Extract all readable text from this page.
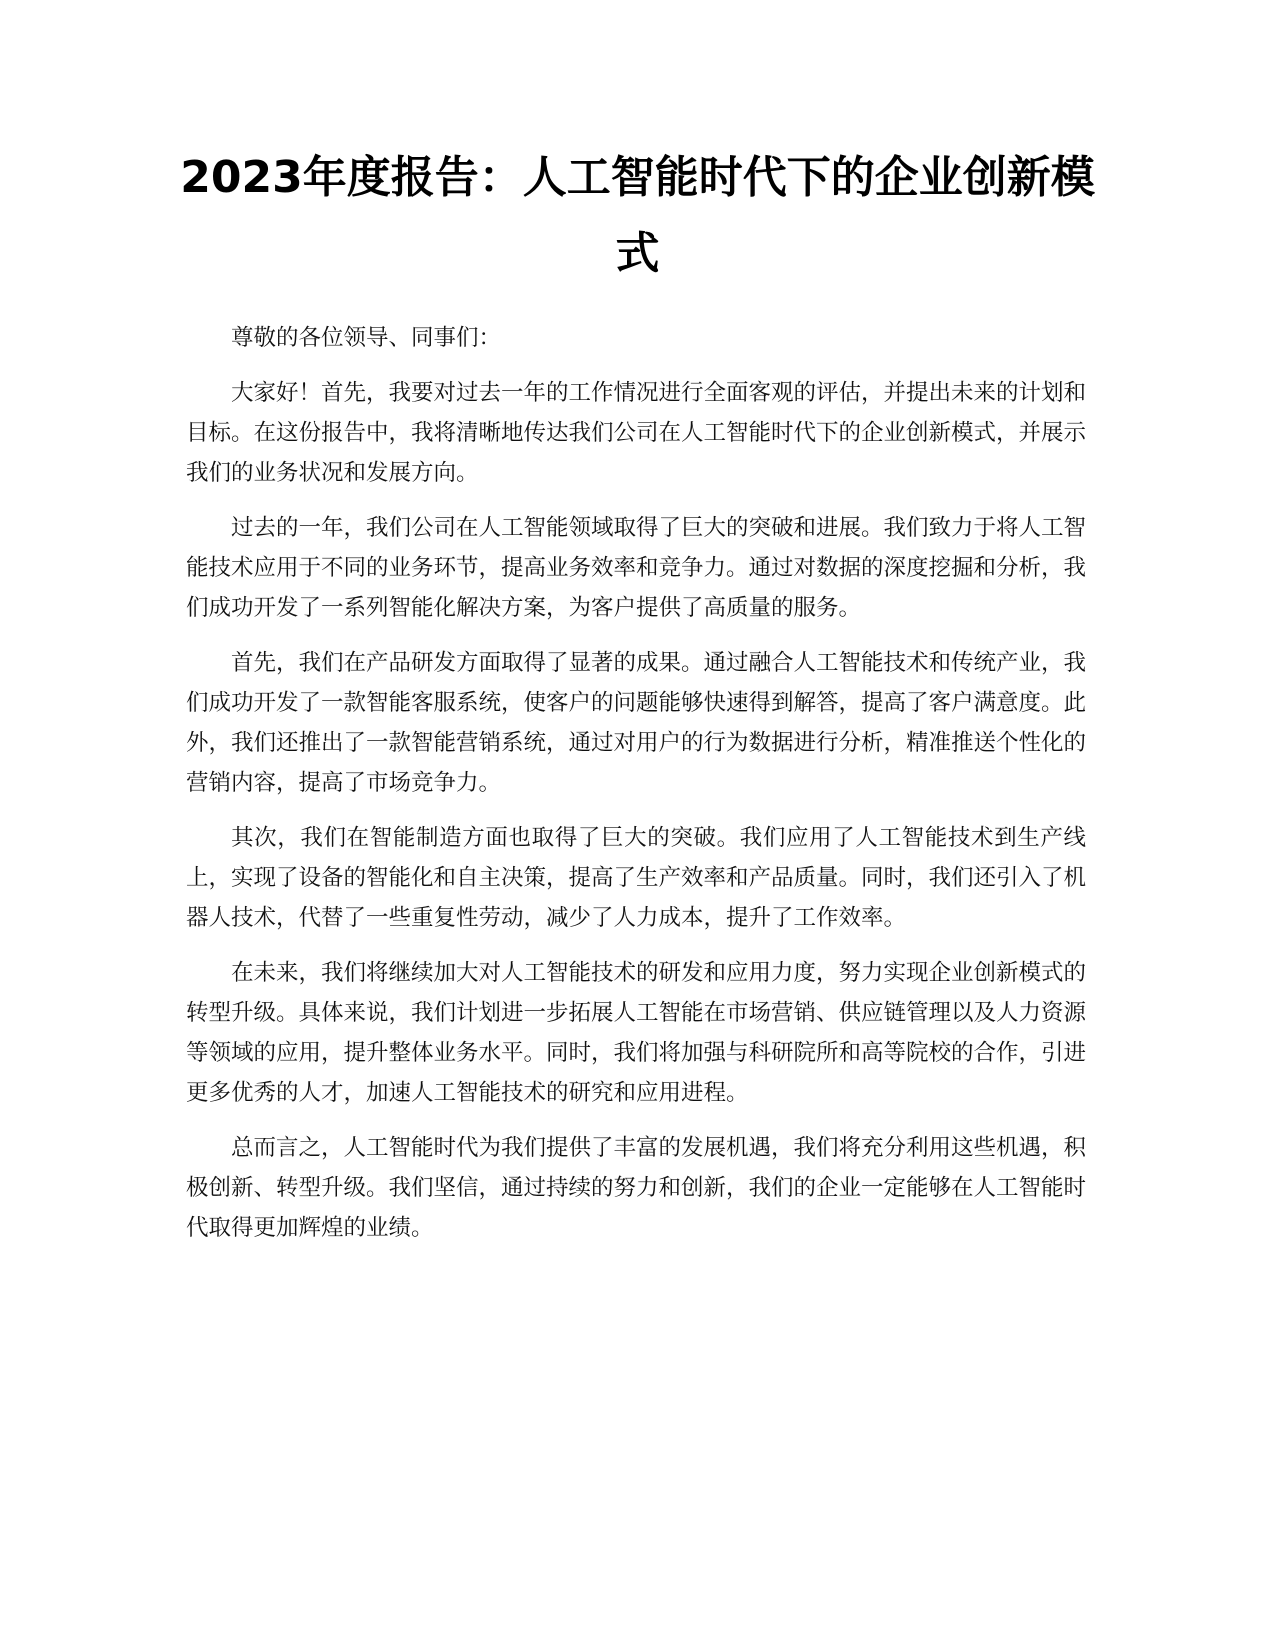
2023年度报告：人工智能时代下的企业创新模式

尊敬的各位领导、同事们：

大家好！首先，我要对过去一年的工作情况进行全面客观的评估，并提出未来的计划和目标。在这份报告中，我将清晰地传达我们公司在人工智能时代下的企业创新模式，并展示我们的业务状况和发展方向。

过去的一年，我们公司在人工智能领域取得了巨大的突破和进展。我们致力于将人工智能技术应用于不同的业务环节，提高业务效率和竞争力。通过对数据的深度挖掘和分析，我们成功开发了一系列智能化解决方案，为客户提供了高质量的服务。

首先，我们在产品研发方面取得了显著的成果。通过融合人工智能技术和传统产业，我们成功开发了一款智能客服系统，使客户的问题能够快速得到解答，提高了客户满意度。此外，我们还推出了一款智能营销系统，通过对用户的行为数据进行分析，精准推送个性化的营销内容，提高了市场竞争力。

其次，我们在智能制造方面也取得了巨大的突破。我们应用了人工智能技术到生产线上，实现了设备的智能化和自主决策，提高了生产效率和产品质量。同时，我们还引入了机器人技术，代替了一些重复性劳动，减少了人力成本，提升了工作效率。

在未来，我们将继续加大对人工智能技术的研发和应用力度，努力实现企业创新模式的转型升级。具体来说，我们计划进一步拓展人工智能在市场营销、供应链管理以及人力资源等领域的应用，提升整体业务水平。同时，我们将加强与科研院所和高等院校的合作，引进更多优秀的人才，加速人工智能技术的研究和应用进程。

总而言之，人工智能时代为我们提供了丰富的发展机遇，我们将充分利用这些机遇，积极创新、转型升级。我们坚信，通过持续的努力和创新，我们的企业一定能够在人工智能时代取得更加辉煌的业绩。
